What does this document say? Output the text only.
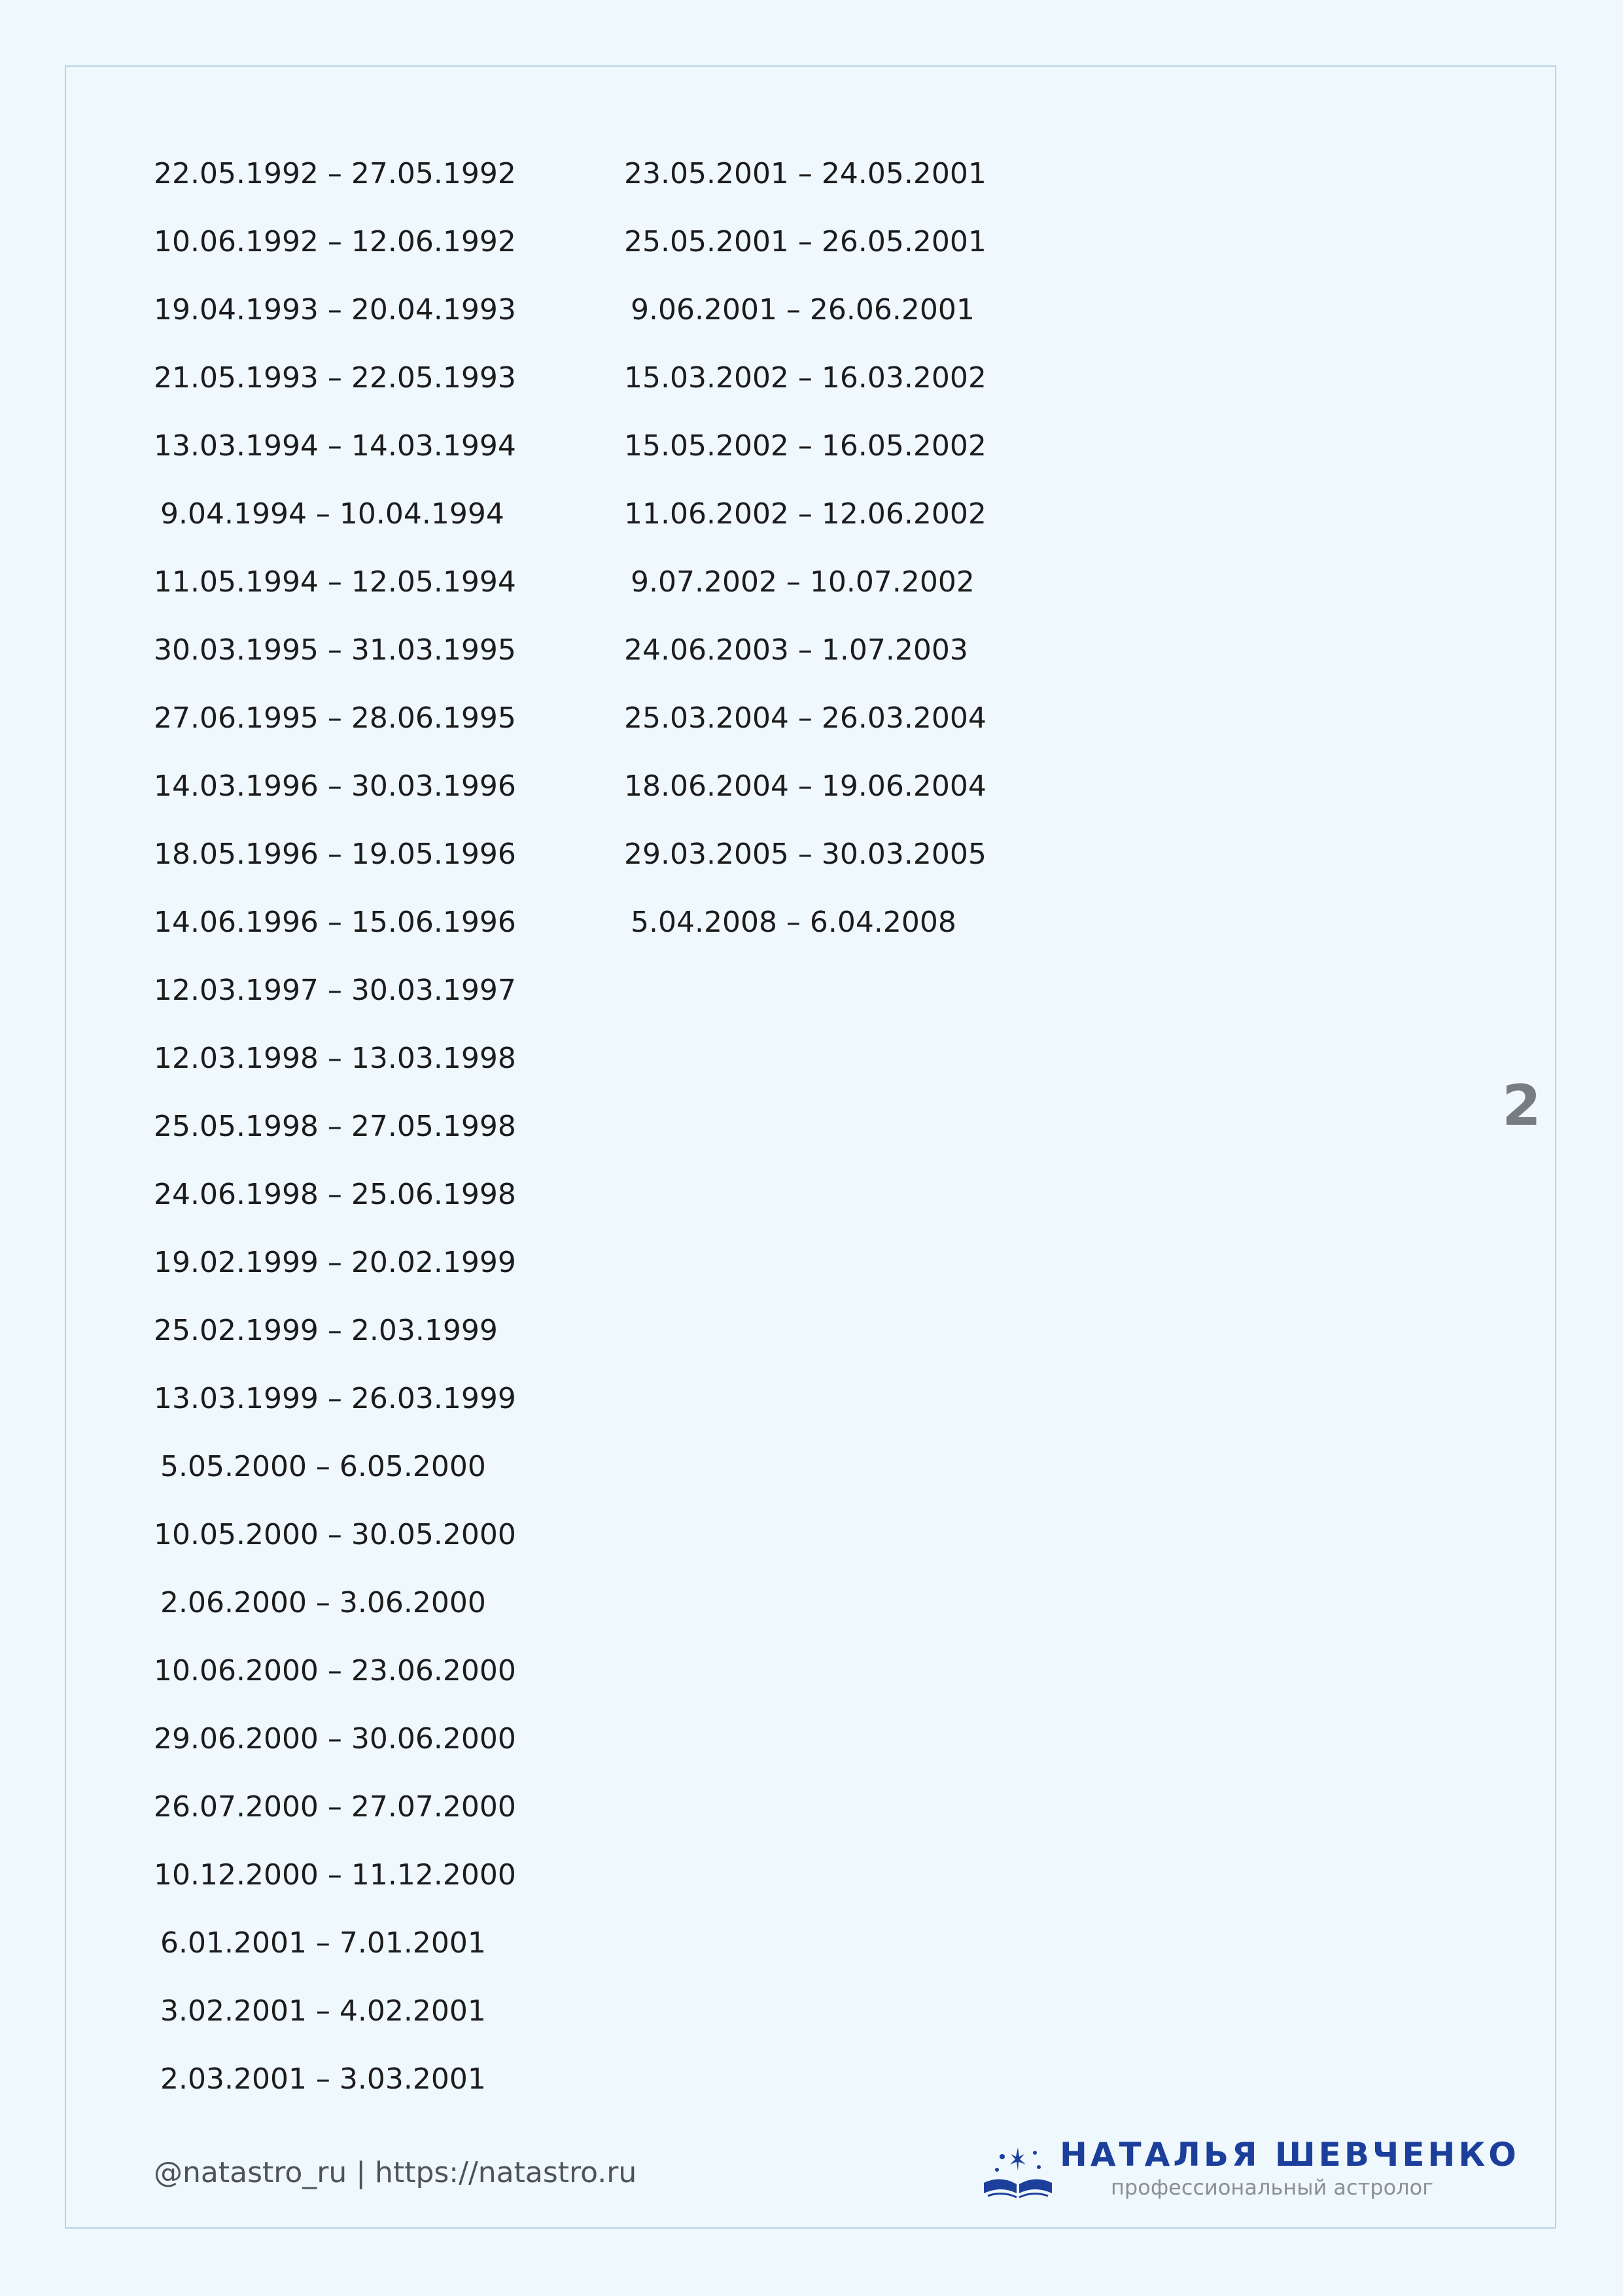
22.05.1992 – 27.05.1992
10.06.1992 – 12.06.1992
19.04.1993 – 20.04.1993
21.05.1993 – 22.05.1993
13.03.1994 – 14.03.1994
9.04.1994 – 10.04.1994
11.05.1994 – 12.05.1994
30.03.1995 – 31.03.1995
27.06.1995 – 28.06.1995
14.03.1996 – 30.03.1996
18.05.1996 – 19.05.1996
14.06.1996 – 15.06.1996
12.03.1997 – 30.03.1997
12.03.1998 – 13.03.1998
25.05.1998 – 27.05.1998
24.06.1998 – 25.06.1998
19.02.1999 – 20.02.1999
25.02.1999 – 2.03.1999
13.03.1999 – 26.03.1999
5.05.2000 – 6.05.2000
10.05.2000 – 30.05.2000
2.06.2000 – 3.06.2000
10.06.2000 – 23.06.2000
29.06.2000 – 30.06.2000
26.07.2000 – 27.07.2000
10.12.2000 – 11.12.2000
6.01.2001 – 7.01.2001
3.02.2001 – 4.02.2001
2.03.2001 – 3.03.2001
23.05.2001 – 24.05.2001
25.05.2001 – 26.05.2001
9.06.2001 – 26.06.2001
15.03.2002 – 16.03.2002
15.05.2002 – 16.05.2002
11.06.2002 – 12.06.2002
9.07.2002 – 10.07.2002
24.06.2003 – 1.07.2003
25.03.2004 – 26.03.2004
18.06.2004 – 19.06.2004
29.03.2005 – 30.03.2005
5.04.2008 – 6.04.2008
2
@natastro_ru | https://natastro.ru	НАТАЛЬЯ ШЕВЧЕНКО
профессиональный астролог
